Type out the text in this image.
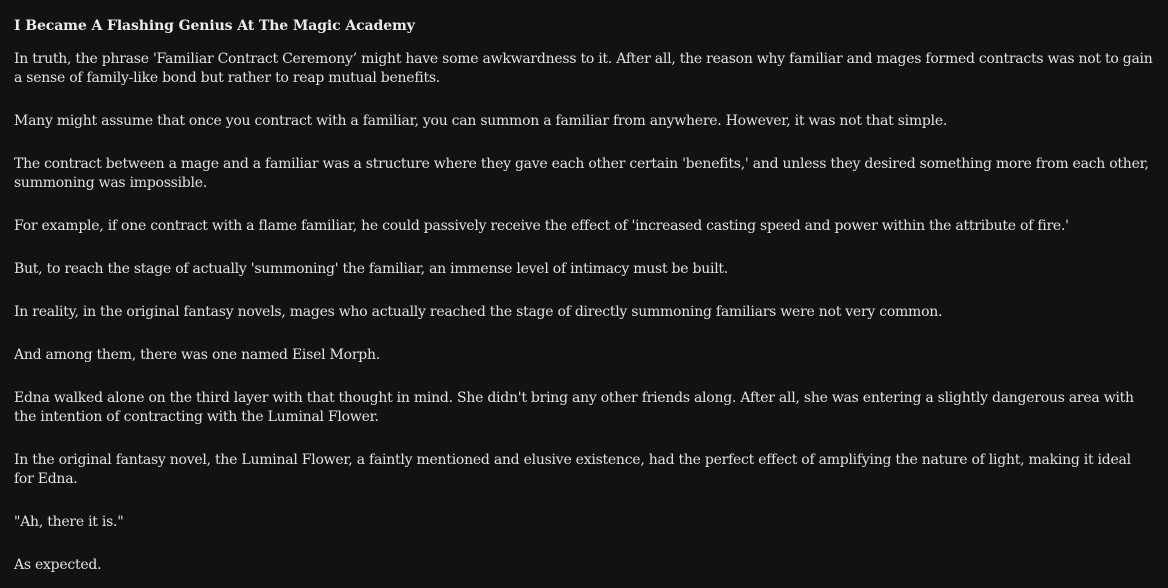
I Became A Flashing Genius At The Magic Academy

In truth, the phrase 'Familiar Contract Ceremony’ might have some awkwardness to it. After all, the reason why familiar and mages formed contracts was not to gain a sense of family-like bond but rather to reap mutual benefits.

Many might assume that once you contract with a familiar, you can summon a familiar from anywhere. However, it was not that simple.

The contract between a mage and a familiar was a structure where they gave each other certain 'benefits,' and unless they desired something more from each other, summoning was impossible.

For example, if one contract with a flame familiar, he could passively receive the effect of 'increased casting speed and power within the attribute of fire.'

But, to reach the stage of actually 'summoning' the familiar, an immense level of intimacy must be built.

In reality, in the original fantasy novels, mages who actually reached the stage of directly summoning familiars were not very common.

And among them, there was one named Eisel Morph.

Edna walked alone on the third layer with that thought in mind. She didn't bring any other friends along. After all, she was entering a slightly dangerous area with the intention of contracting with the Luminal Flower.

In the original fantasy novel, the Luminal Flower, a faintly mentioned and elusive existence, had the perfect effect of amplifying the nature of light, making it ideal for Edna.

"Ah, there it is."

As expected.
